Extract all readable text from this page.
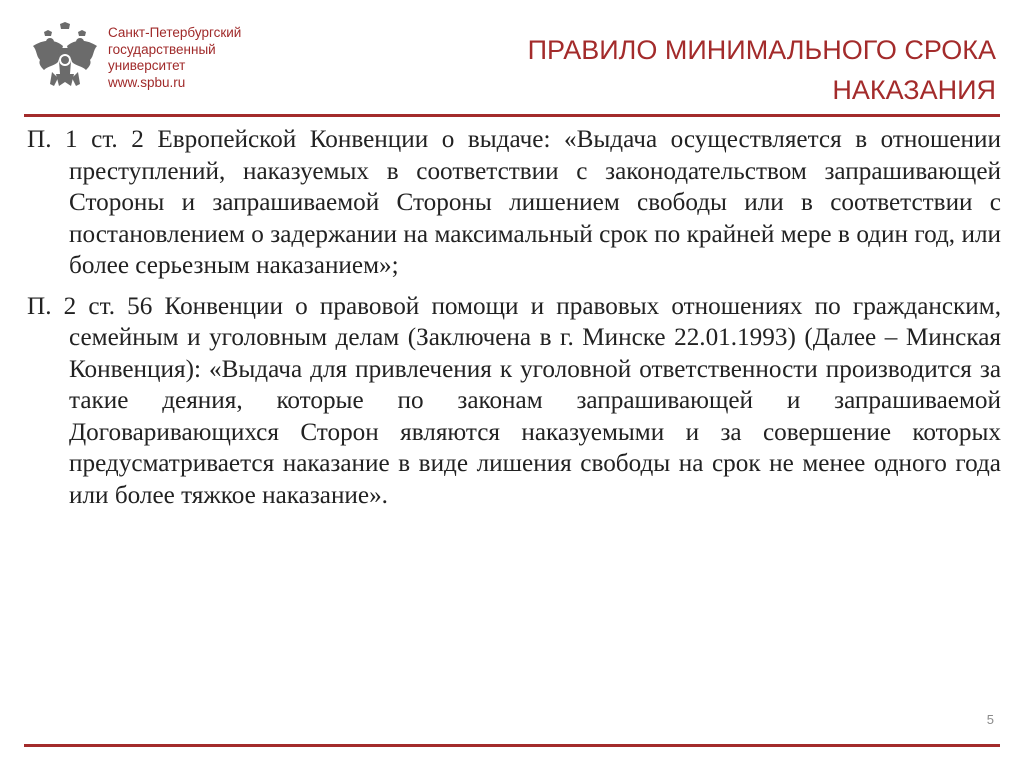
Санкт-Петербургский
государственный
университет
www.spbu.ru
ПРАВИЛО МИНИМАЛЬНОГО СРОКА
НАКАЗАНИЯ

П. 1 ст. 2 Европейской Конвенции о выдаче: «Выдача осуществляется в отношении преступлений, наказуемых в соответствии с законодательством запрашивающей Стороны и запрашиваемой Стороны лишением свободы или в соответствии с постановлением о задержании на максимальный срок по крайней мере в один год, или более серьезным наказанием»;

П. 2 ст. 56 Конвенции о правовой помощи и правовых отношениях по гражданским, семейным и уголовным делам (Заключена в г. Минске 22.01.1993) (Далее – Минская Конвенция): «Выдача для привлечения к уголовной ответственности производится за такие деяния, которые по законам запрашивающей и запрашиваемой Договаривающихся Сторон являются наказуемыми и за совершение которых предусматривается наказание в виде лишения свободы на срок не менее одного года или более тяжкое наказание».

5
